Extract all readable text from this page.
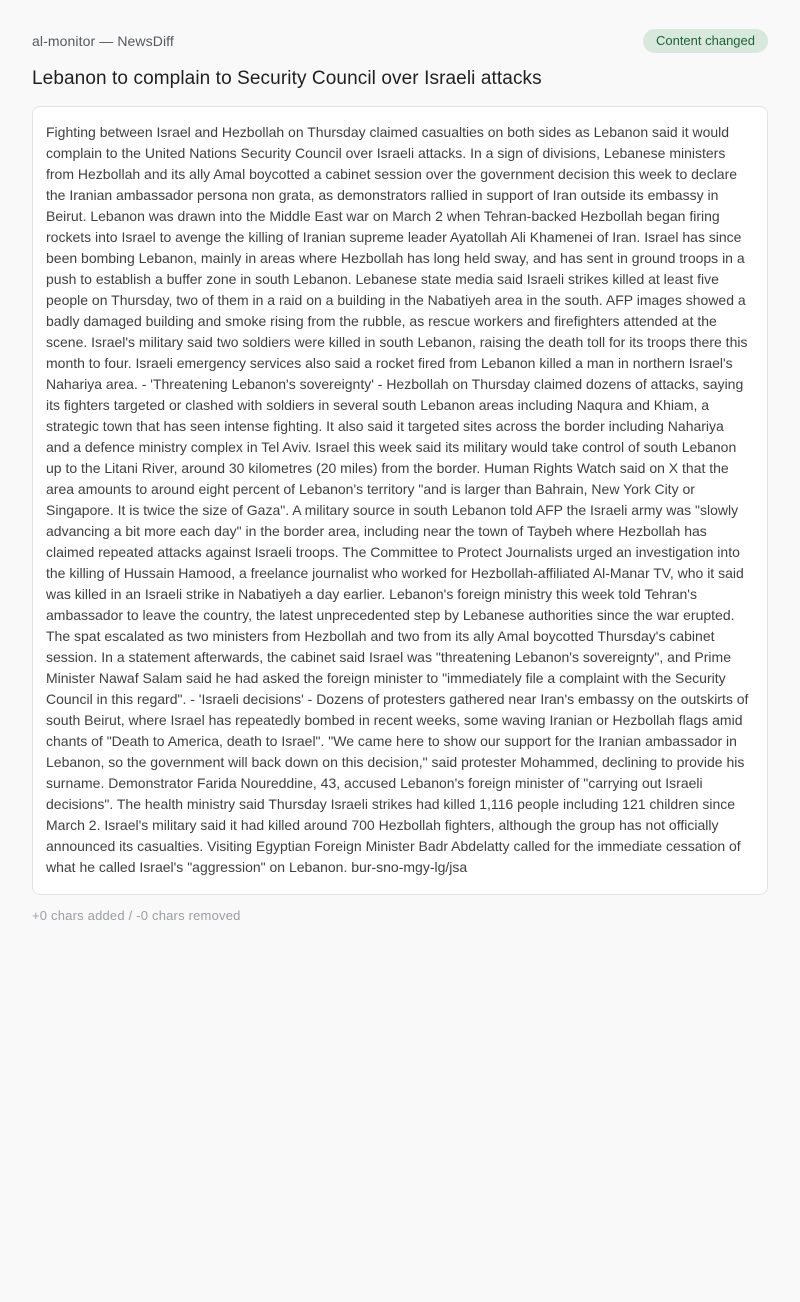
al-monitor — NewsDiff	Content changed
Lebanon to complain to Security Council over Israeli attacks

Fighting between Israel and Hezbollah on Thursday claimed casualties on both sides as Lebanon said it would complain to the United Nations Security Council over Israeli attacks. In a sign of divisions, Lebanese ministers from Hezbollah and its ally Amal boycotted a cabinet session over the government decision this week to declare the Iranian ambassador persona non grata, as demonstrators rallied in support of Iran outside its embassy in Beirut. Lebanon was drawn into the Middle East war on March 2 when Tehran-backed Hezbollah began firing rockets into Israel to avenge the killing of Iranian supreme leader Ayatollah Ali Khamenei of Iran. Israel has since been bombing Lebanon, mainly in areas where Hezbollah has long held sway, and has sent in ground troops in a push to establish a buffer zone in south Lebanon. Lebanese state media said Israeli strikes killed at least five people on Thursday, two of them in a raid on a building in the Nabatiyeh area in the south. AFP images showed a badly damaged building and smoke rising from the rubble, as rescue workers and firefighters attended at the scene. Israel's military said two soldiers were killed in south Lebanon, raising the death toll for its troops there this month to four. Israeli emergency services also said a rocket fired from Lebanon killed a man in northern Israel's Nahariya area. - 'Threatening Lebanon's sovereignty' - Hezbollah on Thursday claimed dozens of attacks, saying its fighters targeted or clashed with soldiers in several south Lebanon areas including Naqura and Khiam, a strategic town that has seen intense fighting. It also said it targeted sites across the border including Nahariya and a defence ministry complex in Tel Aviv. Israel this week said its military would take control of south Lebanon up to the Litani River, around 30 kilometres (20 miles) from the border. Human Rights Watch said on X that the area amounts to around eight percent of Lebanon's territory "and is larger than Bahrain, New York City or Singapore. It is twice the size of Gaza". A military source in south Lebanon told AFP the Israeli army was "slowly advancing a bit more each day" in the border area, including near the town of Taybeh where Hezbollah has claimed repeated attacks against Israeli troops. The Committee to Protect Journalists urged an investigation into the killing of Hussain Hamood, a freelance journalist who worked for Hezbollah-affiliated Al-Manar TV, who it said was killed in an Israeli strike in Nabatiyeh a day earlier. Lebanon's foreign ministry this week told Tehran's ambassador to leave the country, the latest unprecedented step by Lebanese authorities since the war erupted. The spat escalated as two ministers from Hezbollah and two from its ally Amal boycotted Thursday's cabinet session. In a statement afterwards, the cabinet said Israel was "threatening Lebanon's sovereignty", and Prime Minister Nawaf Salam said he had asked the foreign minister to "immediately file a complaint with the Security Council in this regard". - 'Israeli decisions' - Dozens of protesters gathered near Iran's embassy on the outskirts of south Beirut, where Israel has repeatedly bombed in recent weeks, some waving Iranian or Hezbollah flags amid chants of "Death to America, death to Israel". "We came here to show our support for the Iranian ambassador in Lebanon, so the government will back down on this decision," said protester Mohammed, declining to provide his surname. Demonstrator Farida Noureddine, 43, accused Lebanon's foreign minister of "carrying out Israeli decisions". The health ministry said Thursday Israeli strikes had killed 1,116 people including 121 children since March 2. Israel's military said it had killed around 700 Hezbollah fighters, although the group has not officially announced its casualties. Visiting Egyptian Foreign Minister Badr Abdelatty called for the immediate cessation of what he called Israel's "aggression" on Lebanon. bur-sno-mgy-lg/jsa

+0 chars added / -0 chars removed
